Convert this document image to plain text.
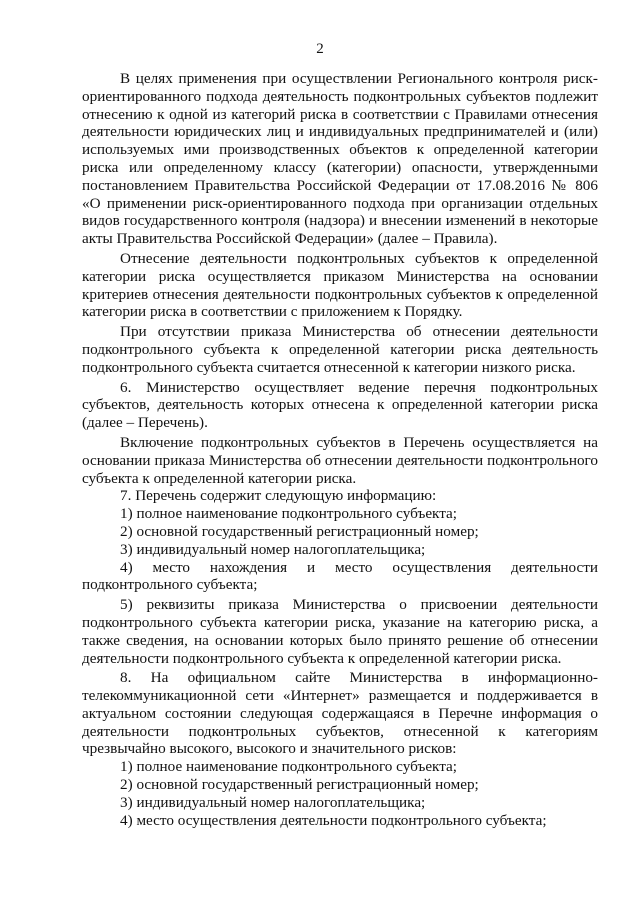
2

В целях применения при осуществлении Регионального контроля риск-ориентированного подхода деятельность подконтрольных субъектов подлежит отнесению к одной из категорий риска в соответствии с Правилами отнесения деятельности юридических лиц и индивидуальных предпринимателей и (или) используемых ими производственных объектов к определенной категории риска или определенному классу (категории) опасности, утвержденными постановлением Правительства Российской Федерации от 17.08.2016 № 806 «О применении риск-ориентированного подхода при организации отдельных видов государственного контроля (надзора) и внесении изменений в некоторые акты Правительства Российской Федерации» (далее – Правила).

Отнесение деятельности подконтрольных субъектов к определенной категории риска осуществляется приказом Министерства на основании критериев отнесения деятельности подконтрольных субъектов к определенной категории риска в соответствии с приложением к Порядку.

При отсутствии приказа Министерства об отнесении деятельности подконтрольного субъекта к определенной категории риска деятельность подконтрольного субъекта считается отнесенной к категории низкого риска.

6. Министерство осуществляет ведение перечня подконтрольных субъектов, деятельность которых отнесена к определенной категории риска (далее – Перечень).

Включение подконтрольных субъектов в Перечень осуществляется на основании приказа Министерства об отнесении деятельности подконтрольного субъекта к определенной категории риска.

7. Перечень содержит следующую информацию:

1) полное наименование подконтрольного субъекта;

2) основной государственный регистрационный номер;

3) индивидуальный номер налогоплательщика;

4) место нахождения и место осуществления деятельности подконтрольного субъекта;

5) реквизиты приказа Министерства о присвоении деятельности подконтрольного субъекта категории риска, указание на категорию риска, а также сведения, на основании которых было принято решение об отнесении деятельности подконтрольного субъекта к определенной категории риска.

8. На официальном сайте Министерства в информационно-телекоммуникационной сети «Интернет» размещается и поддерживается в актуальном состоянии следующая содержащаяся в Перечне информация о деятельности подконтрольных субъектов, отнесенной к категориям чрезвычайно высокого, высокого и значительного рисков:

1) полное наименование подконтрольного субъекта;

2) основной государственный регистрационный номер;

3) индивидуальный номер налогоплательщика;

4) место осуществления деятельности подконтрольного субъекта;
